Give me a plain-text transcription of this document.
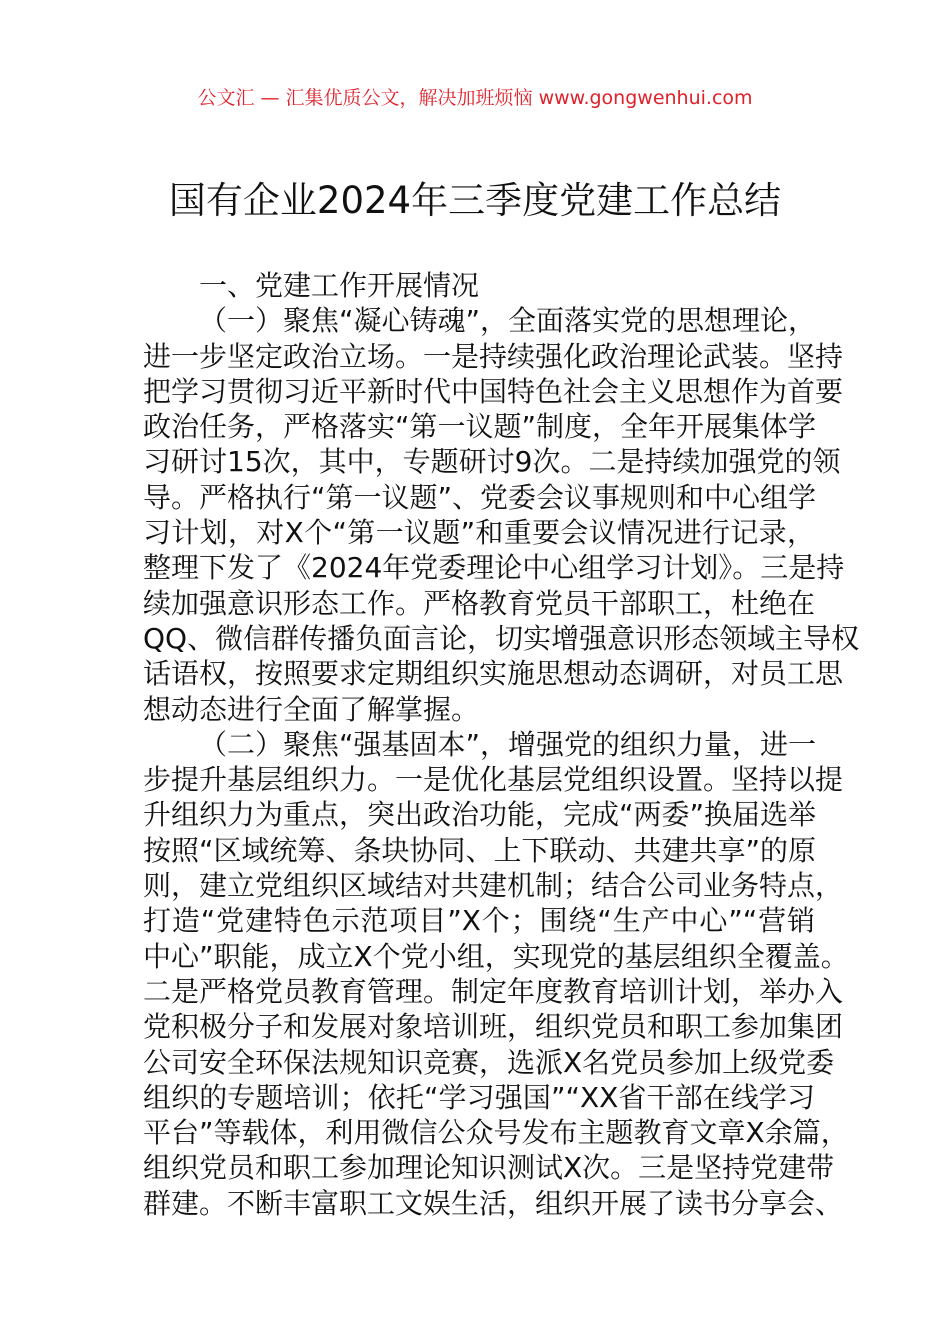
公文汇 — 汇集优质公文，解决加班烦恼 www.gongwenhui.com
国有企业2024年三季度党建工作总结
一、党建工作开展情况
（一）聚焦“凝心铸魂”，全面落实党的思想理论，
进一步坚定政治立场。一是持续强化政治理论武装。坚持
把学习贯彻习近平新时代中国特色社会主义思想作为首要
政治任务，严格落实“第一议题”制度，全年开展集体学
习研讨15次，其中，专题研讨9次。二是持续加强党的领
导。严格执行“第一议题”、党委会议事规则和中心组学
习计划，对X个“第一议题”和重要会议情况进行记录，
整理下发了《2024年党委理论中心组学习计划》。三是持
续加强意识形态工作。严格教育党员干部职工，杜绝在
QQ、微信群传播负面言论，切实增强意识形态领域主导权
话语权，按照要求定期组织实施思想动态调研，对员工思
想动态进行全面了解掌握。
（二）聚焦“强基固本”，增强党的组织力量，进一
步提升基层组织力。一是优化基层党组织设置。坚持以提
升组织力为重点，突出政治功能，完成“两委”换届选举
按照“区域统筹、条块协同、上下联动、共建共享”的原
则，建立党组织区域结对共建机制；结合公司业务特点，
打造“党建特色示范项目”X个；围绕“生产中心”“营销
中心”职能，成立X个党小组，实现党的基层组织全覆盖。
二是严格党员教育管理。制定年度教育培训计划，举办入
党积极分子和发展对象培训班，组织党员和职工参加集团
公司安全环保法规知识竞赛，选派X名党员参加上级党委
组织的专题培训；依托“学习强国”“XX省干部在线学习
平台”等载体，利用微信公众号发布主题教育文章X余篇，
组织党员和职工参加理论知识测试X次。三是坚持党建带
群建。不断丰富职工文娱生活，组织开展了读书分享会、
